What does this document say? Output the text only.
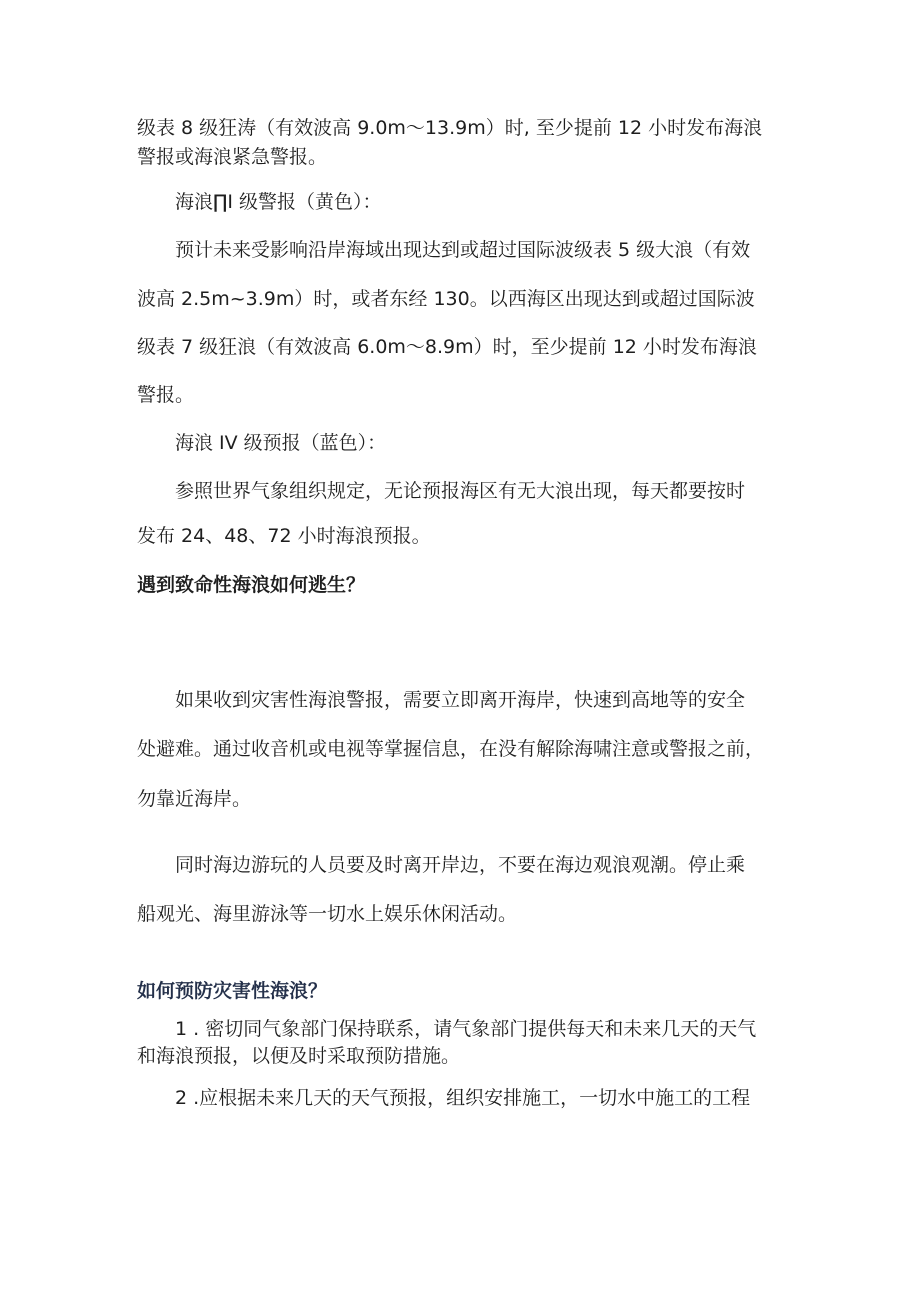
级表 8 级狂涛（有效波高 9.0m～13.9m）时, 至少提前 12 小时发布海浪

警报或海浪紧急警报。

海浪∏I 级警报（黄色）：

预计未来受影响沿岸海域出现达到或超过国际波级表 5 级大浪（有效

波高 2.5m~3.9m）时，或者东经 130。以西海区出现达到或超过国际波

级表 7 级狂浪（有效波高 6.0m～8.9m）时，至少提前 12 小时发布海浪

警报。

海浪 IV 级预报（蓝色）：

参照世界气象组织规定，无论预报海区有无大浪出现，每天都要按时

发布 24、48、72 小时海浪预报。

遇到致命性海浪如何逃生？

如果收到灾害性海浪警报，需要立即离开海岸，快速到高地等的安全

处避难。通过收音机或电视等掌握信息，在没有解除海啸注意或警报之前，

勿靠近海岸。

同时海边游玩的人员要及时离开岸边，不要在海边观浪观潮。停止乘

船观光、海里游泳等一切水上娱乐休闲活动。

如何预防灾害性海浪？

1 . 密切同气象部门保持联系，请气象部门提供每天和未来几天的天气

和海浪预报，以便及时采取预防措施。

2 .应根据未来几天的天气预报，组织安排施工，一切水中施工的工程
